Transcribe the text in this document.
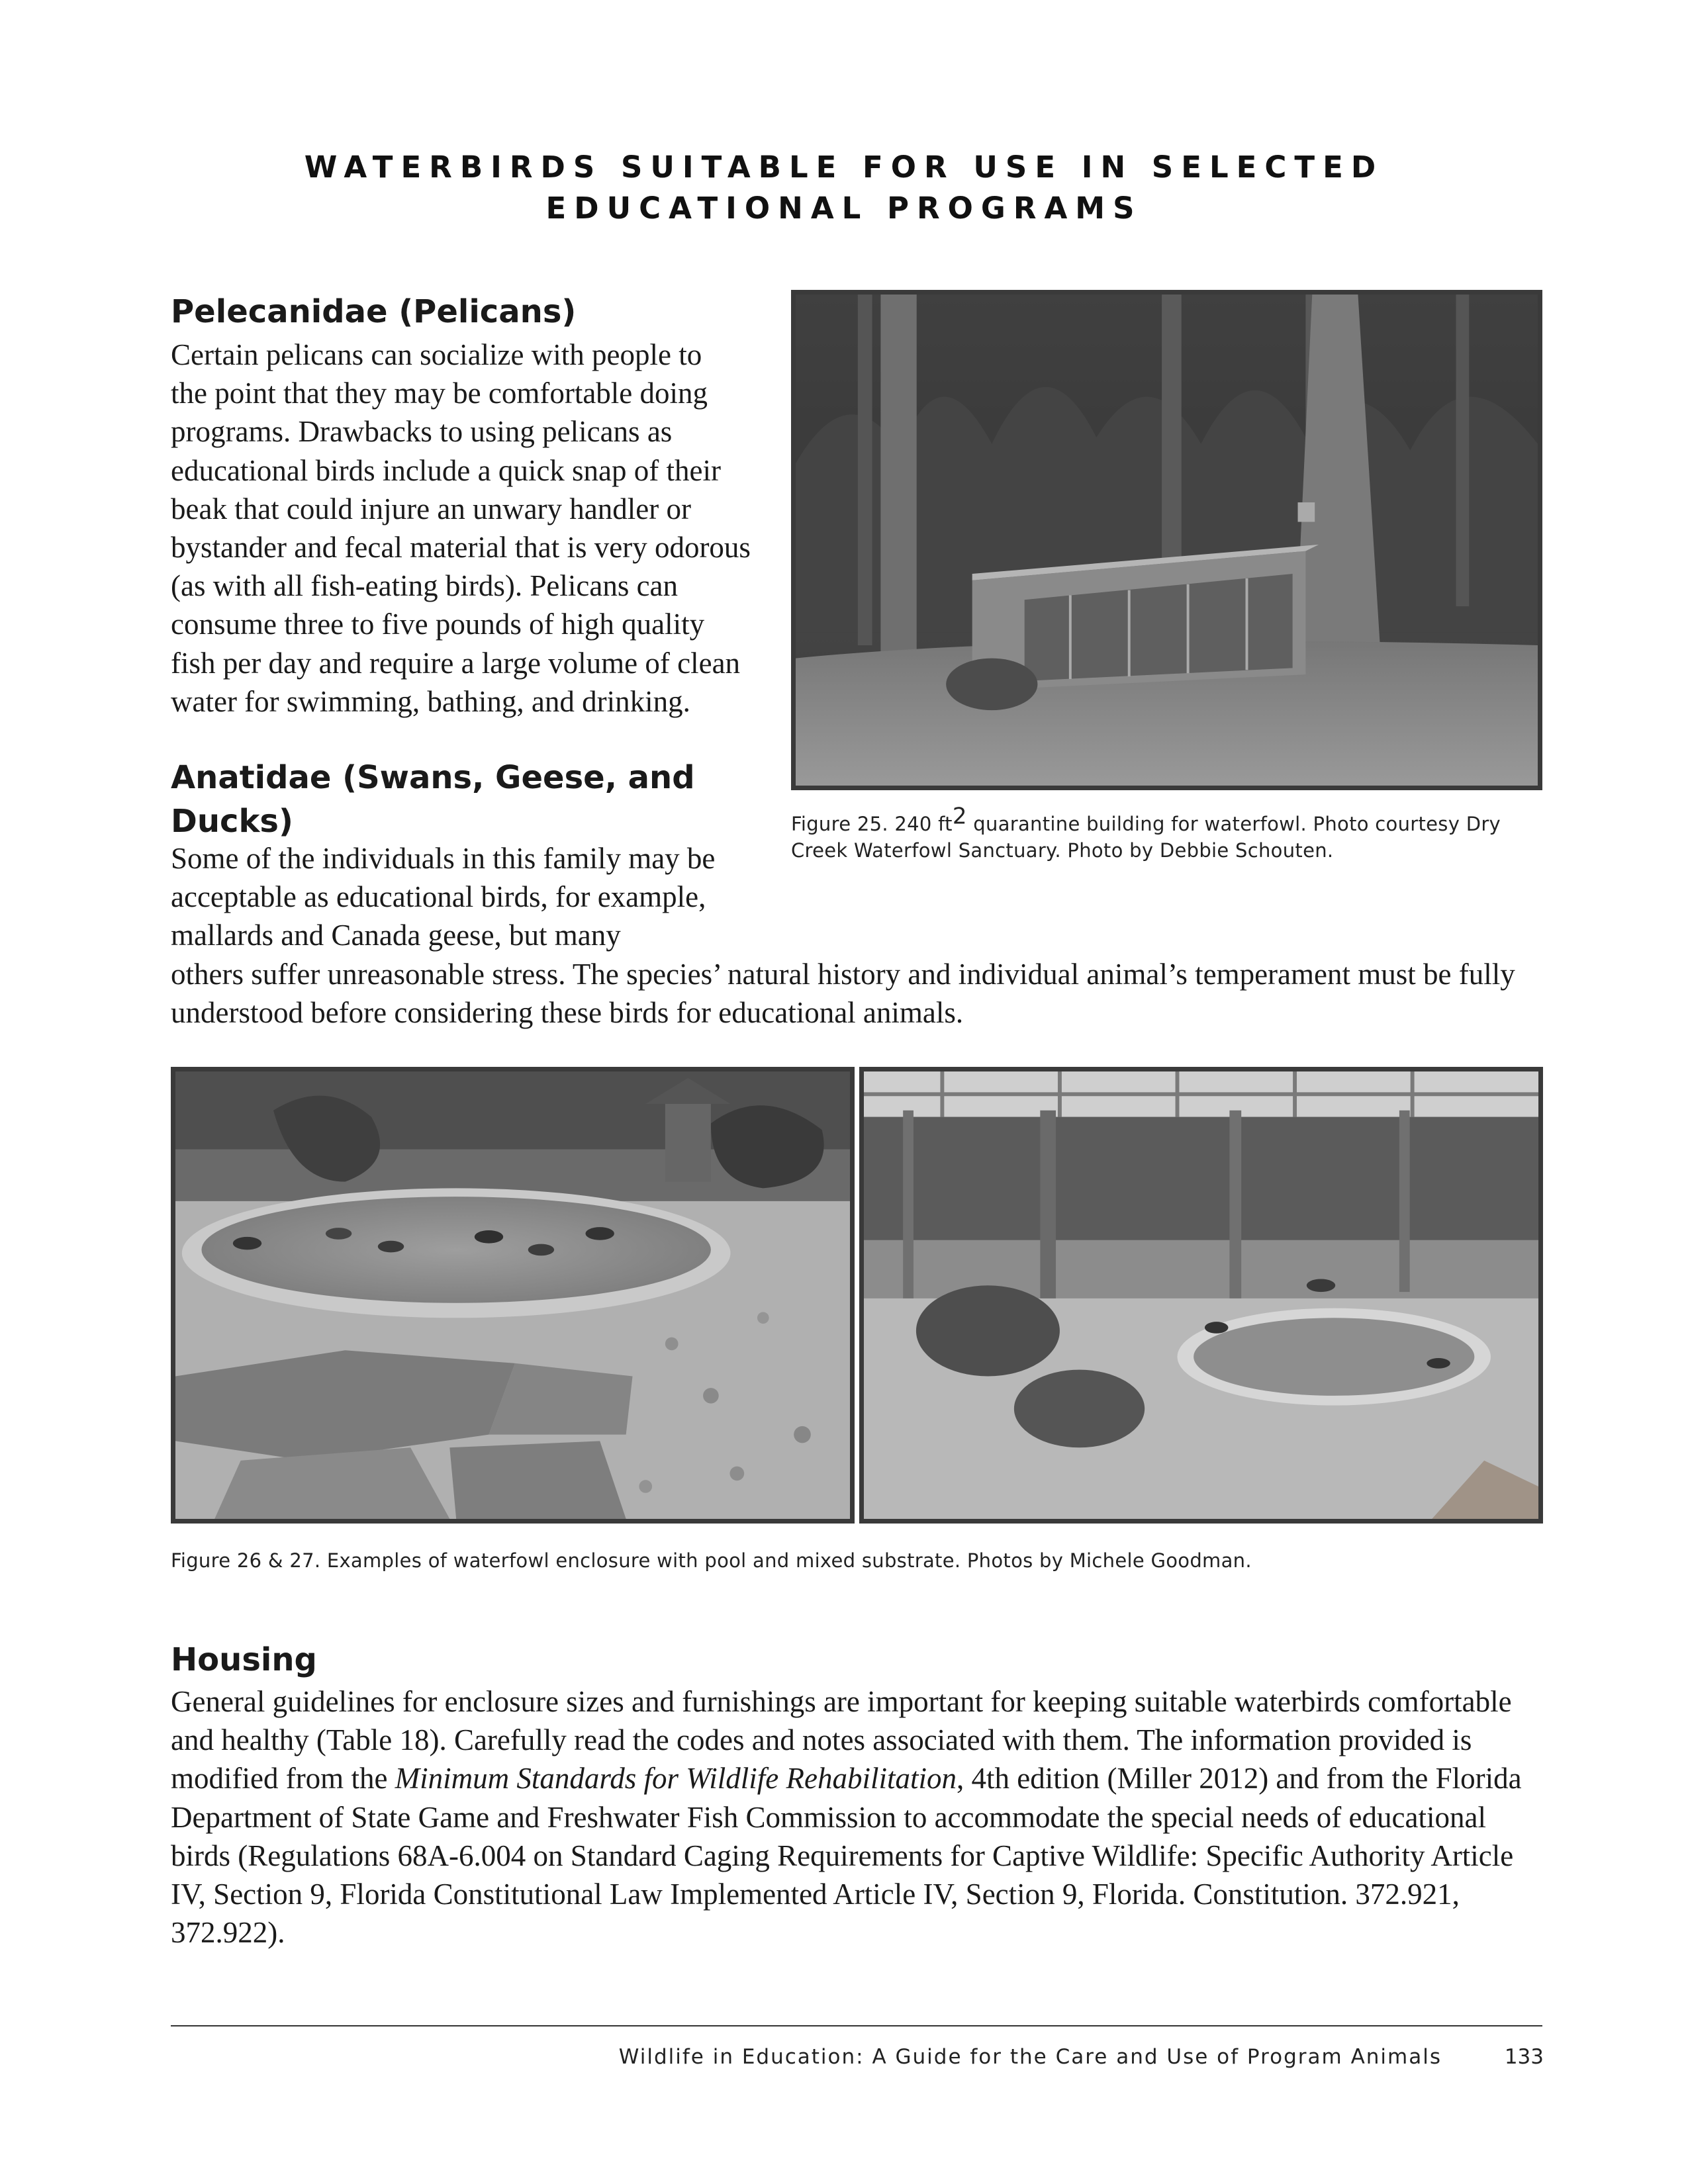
WATERBIRDS SUITABLE FOR USE IN SELECTED
EDUCATIONAL PROGRAMS
Pelecanidae (Pelicans)
Certain pelicans can socialize with people to
the point that they may be comfortable doing
programs. Drawbacks to using pelicans as
educational birds include a quick snap of their
beak that could injure an unwary handler or
bystander and fecal material that is very odorous
(as with all fish-eating birds). Pelicans can
consume three to five pounds of high quality
fish per day and require a large volume of clean
water for swimming, bathing, and drinking.
Figure 25. 240 $ft^2$ quarantine building for waterfowl. Photo courtesy Dry
Creek Waterfowl Sanctuary. Photo by Debbie Schouten.
Anatidae (Swans, Geese, and
Ducks)
Some of the individuals in this family may be
acceptable as educational birds, for example,
mallards and Canada geese, but many
others suffer unreasonable stress. The species’ natural history and individual animal’s temperament must be fully
understood before considering these birds for educational animals.
Figure 26 & 27. Examples of waterfowl enclosure with pool and mixed substrate. Photos by Michele Goodman.
Housing
General guidelines for enclosure sizes and furnishings are important for keeping suitable waterbirds comfortable
and healthy (Table 18). Carefully read the codes and notes associated with them. The information provided is
modified from the Minimum Standards for Wildlife Rehabilitation, 4th edition (Miller 2012) and from the Florida
Department of State Game and Freshwater Fish Commission to accommodate the special needs of educational
birds (Regulations 68A-6.004 on Standard Caging Requirements for Captive Wildlife: Specific Authority Article
IV, Section 9, Florida Constitutional Law Implemented Article IV, Section 9, Florida. Constitution. 372.921,
372.922).
Wildlife in Education: A Guide for the Care and Use of Program Animals	133
